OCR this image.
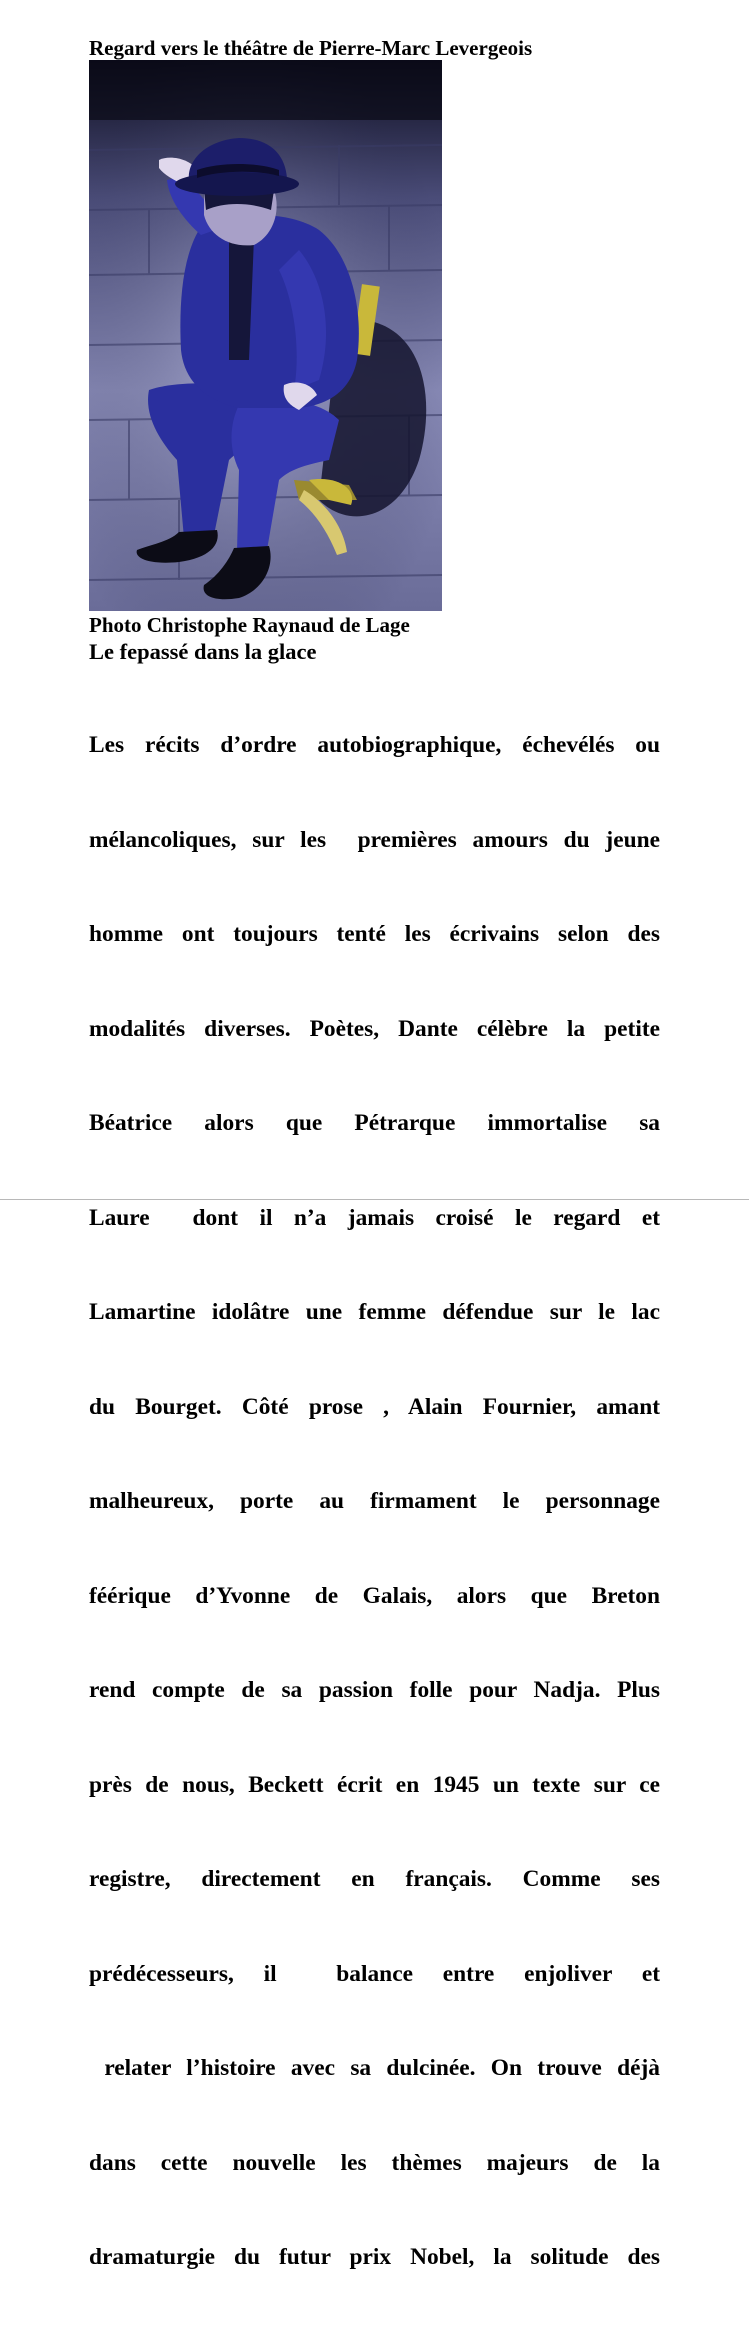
Regard vers le théâtre de Pierre-Marc Levergeois
Photo Christophe Raynaud de Lage
Le fepassé dans la glace

Les récits d’ordre autobiographique, échevélés ou

mélancoliques, sur les  premières amours du jeune

homme ont toujours tenté les écrivains selon des

modalités diverses. Poètes, Dante célèbre la petite

Béatrice alors que Pétrarque immortalise sa

Laure  dont il n’a jamais croisé le regard et

Lamartine idolâtre une femme défendue sur le lac

du Bourget. Côté prose , Alain Fournier, amant

malheureux, porte au firmament le personnage

féérique d’Yvonne de Galais, alors que Breton

rend compte de sa passion folle pour Nadja. Plus

près de nous, Beckett écrit en 1945 un texte sur ce

registre, directement en français. Comme ses

prédécesseurs, il  balance entre enjoliver et

relater l’histoire avec sa dulcinée. On trouve déjà

dans cette nouvelle les thèmes majeurs de la

dramaturgie du futur prix Nobel, la solitude des
